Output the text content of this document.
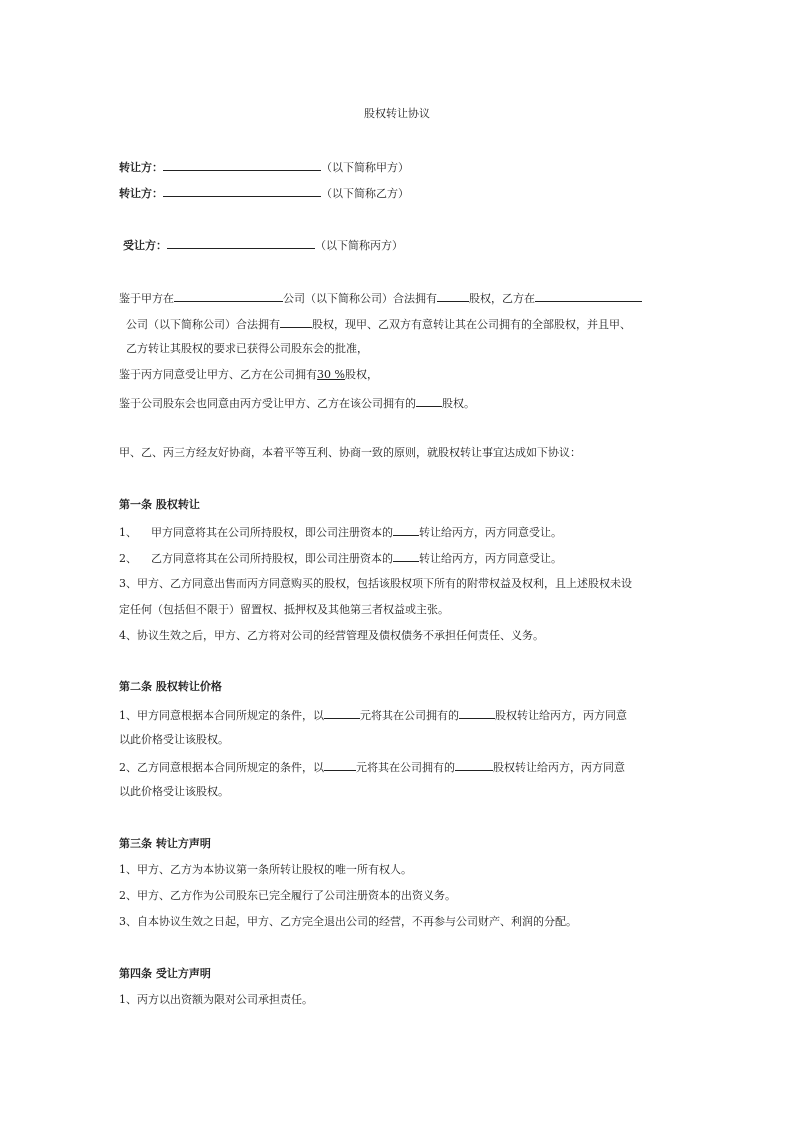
股权转让协议
转让方：	（以下简称甲方）
转让方：	（以下简称乙方）
受让方：	（以下简称丙方）
鉴于甲方在	公司（以下简称公司）合法拥有	股权，乙方在
公司（以下简称公司）合法拥有	股权，现甲、乙双方有意转让其在公司拥有的全部股权，并且甲、
乙方转让其股权的要求已获得公司股东会的批准，
鉴于丙方同意受让甲方、乙方在公司拥有30 %股权，
鉴于公司股东会也同意由丙方受让甲方、乙方在该公司拥有的 股权。
甲、乙、丙三方经友好协商，本着平等互利、协商一致的原则，就股权转让事宜达成如下协议：
第一条 股权转让
1、 甲方同意将其在公司所持股权，即公司注册资本的 转让给丙方，丙方同意受让。
2、 乙方同意将其在公司所持股权，即公司注册资本的 转让给丙方，丙方同意受让。
3、甲方、乙方同意出售而丙方同意购买的股权，包括该股权项下所有的附带权益及权利，且上述股权未设
定任何（包括但不限于）留置权、抵押权及其他第三者权益或主张。
4、协议生效之后，甲方、乙方将对公司的经营管理及债权债务不承担任何责任、义务。
第二条 股权转让价格
1、甲方同意根据本合同所规定的条件，以	元将其在公司拥有的	股权转让给丙方，丙方同意
以此价格受让该股权。
2、乙方同意根据本合同所规定的条件，以	元将其在公司拥有的	股权转让给丙方，丙方同意
以此价格受让该股权。
第三条 转让方声明
1、甲方、乙方为本协议第一条所转让股权的唯一所有权人。
2、甲方、乙方作为公司股东已完全履行了公司注册资本的出资义务。
3、自本协议生效之日起，甲方、乙方完全退出公司的经营，不再参与公司财产、利润的分配。
第四条 受让方声明
1、丙方以出资额为限对公司承担责任。
